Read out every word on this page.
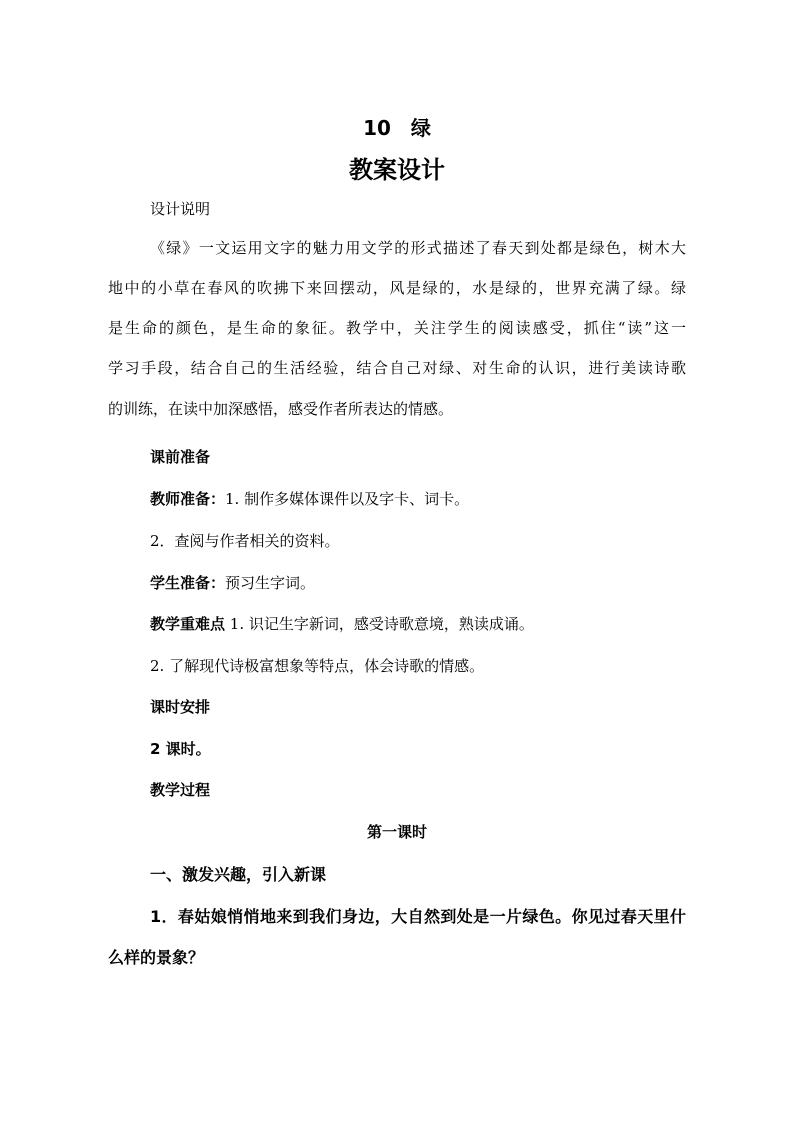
10　绿
教案设计
设计说明
《绿》一文运用文字的魅力用文学的形式描述了春天到处都是绿色，树木大
地中的小草在春风的吹拂下来回摆动，风是绿的，水是绿的，世界充满了绿。绿
是生命的颜色，是生命的象征。教学中，关注学生的阅读感受，抓住“读”这一
学习手段，结合自己的生活经验，结合自己对绿、对生命的认识，进行美读诗歌
的训练，在读中加深感悟，感受作者所表达的情感。
课前准备
教师准备：1. 制作多媒体课件以及字卡、词卡。
2．查阅与作者相关的资料。
学生准备：预习生字词。
教学重难点 1. 识记生字新词，感受诗歌意境，熟读成诵。
2. 了解现代诗极富想象等特点，体会诗歌的情感。
课时安排
2 课时。
教学过程
第一课时
一、激发兴趣，引入新课
1．春姑娘悄悄地来到我们身边，大自然到处是一片绿色。你见过春天里什
么样的景象？
